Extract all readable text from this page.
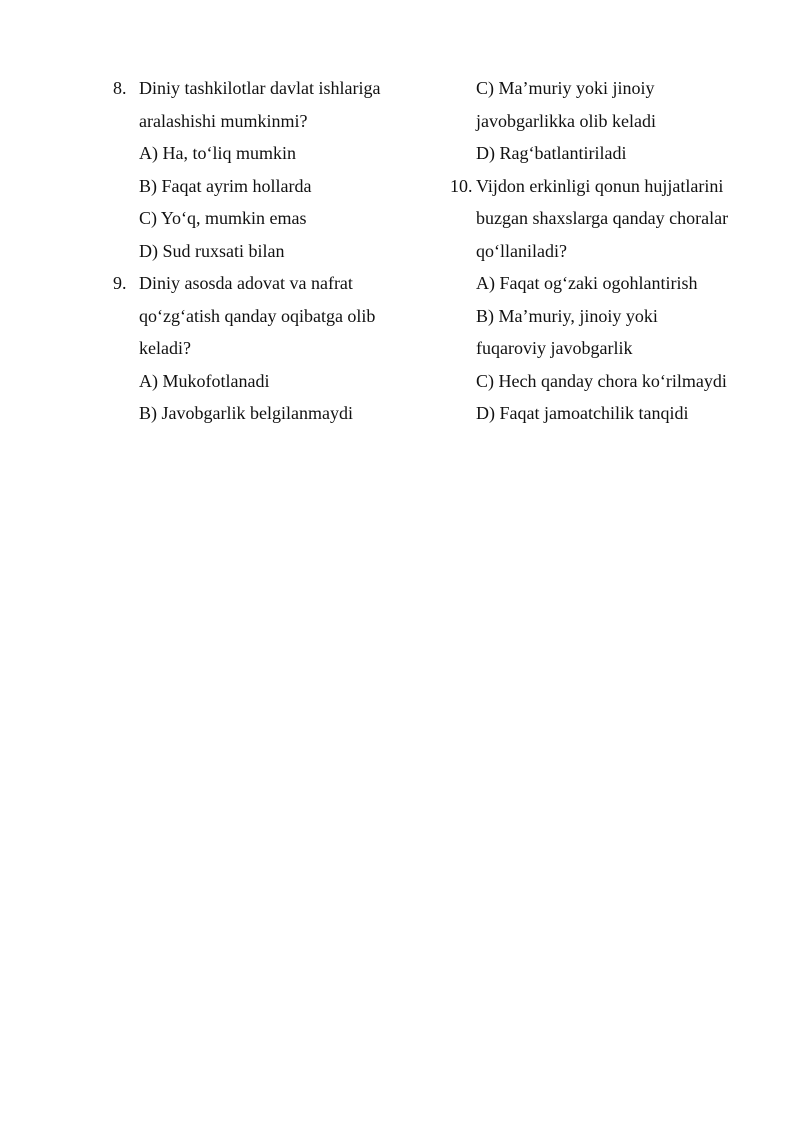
8. Diniy tashkilotlar davlat ishlariga
aralashishi mumkinmi?
A) Ha, to‘liq mumkin
B) Faqat ayrim hollarda
C) Yo‘q, mumkin emas
D) Sud ruxsati bilan
9. Diniy asosda adovat va nafrat
qo‘zg‘atish qanday oqibatga olib
keladi?
A) Mukofotlanadi
B) Javobgarlik belgilanmaydi
C) Ma’muriy yoki jinoiy
javobgarlikka olib keladi
D) Rag‘batlantiriladi
10. Vijdon erkinligi qonun hujjatlarini
buzgan shaxslarga qanday choralar
qo‘llaniladi?
A) Faqat og‘zaki ogohlantirish
B) Ma’muriy, jinoiy yoki
fuqaroviy javobgarlik
C) Hech qanday chora ko‘rilmaydi
D) Faqat jamoatchilik tanqidi
